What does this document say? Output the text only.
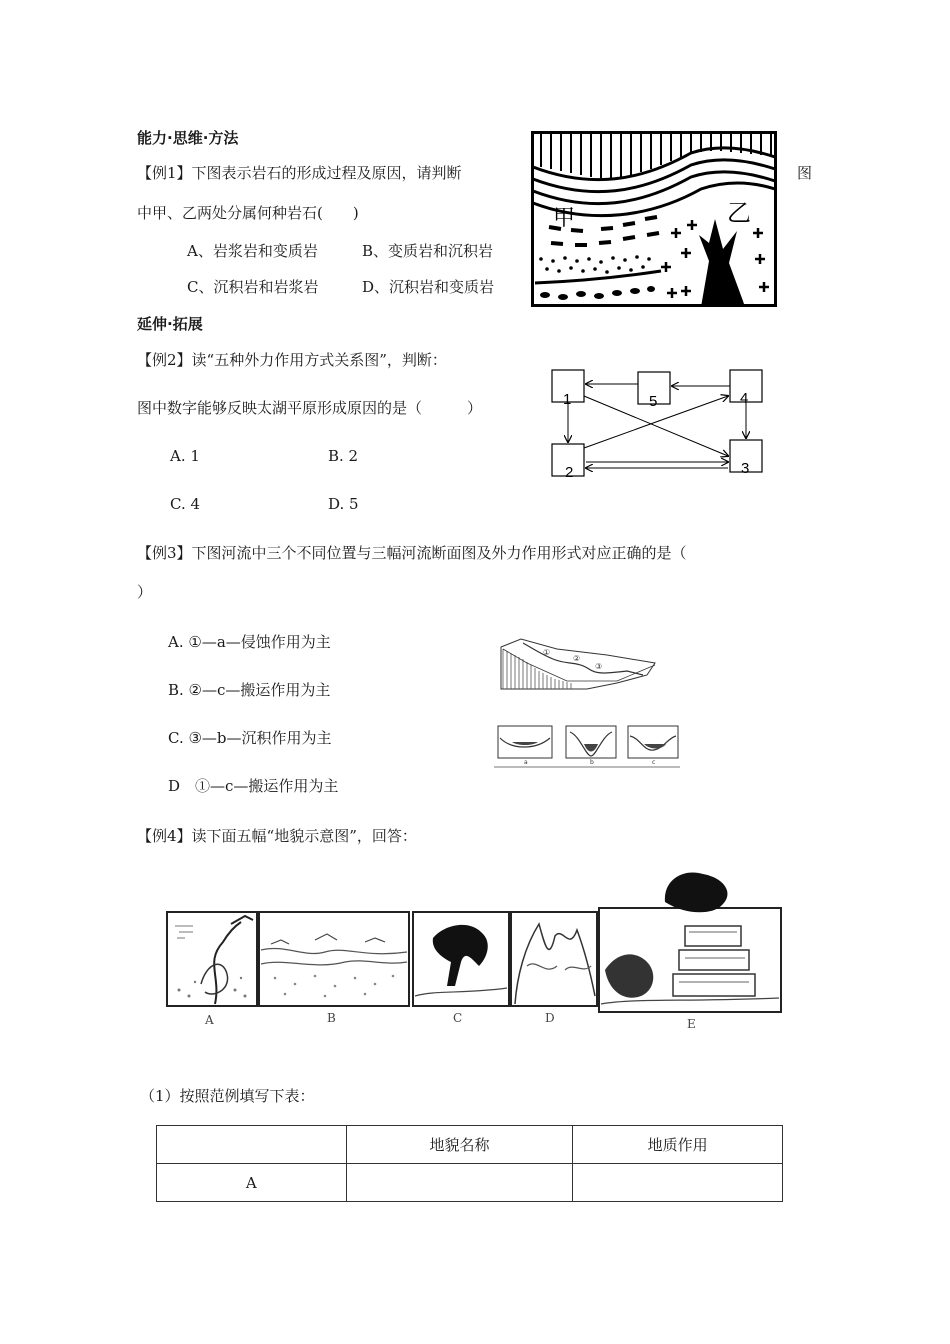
能力·思维·方法
【例1】下图表示岩石的形成过程及原因，请判断	图
中甲、乙两处分属何种岩石(　　)
A、岩浆岩和变质岩	B、变质岩和沉积岩
C、沉积岩和岩浆岩	D、沉积岩和变质岩
甲	乙
延伸·拓展
【例2】读“五种外力作用方式关系图”，判断：
图中数字能够反映太湖平原形成原因的是（　　　）
A. 1	B. 2
C. 4	D. 5
1
2	3
4
5
【例3】下图河流中三个不同位置与三幅河流断面图及外力作用形式对应正确的是（
）
A. ①—a—侵蚀作用为主
B. ②—c—搬运作用为主
C. ③—b—沉积作用为主
D　①—c—搬运作用为主
①
②
③
a	b	c
【例4】读下面五幅“地貌示意图”，回答：
A	B	C	D	E
（1）按照范例填写下表：
	地貌名称	地质作用
A		
